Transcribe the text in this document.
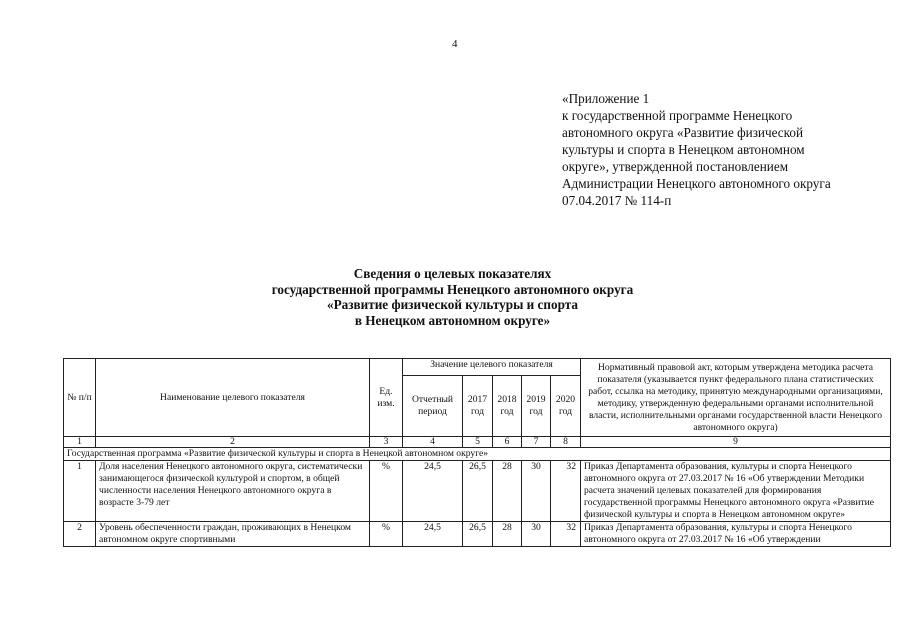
4
«Приложение 1
к государственной программе Ненецкого
автономного округа «Развитие физической
культуры и спорта в Ненецком автономном
округе», утвержденной постановлением
Администрации Ненецкого автономного округа
07.04.2017 № 114-п
Сведения о целевых показателях
государственной программы Ненецкого автономного округа
«Развитие физической культуры и спорта
в Ненецком автономном округе»
№ п/п	Наименование целевого показателя	Ед. изм.	Значение целевого показателя					Нормативный правовой акт, которым утверждена методика расчета показателя (указывается пункт федерального плана статистических работ, ссылка на методику, принятую международными организациями, методику, утвержденную федеральными органами исполнительной власти, исполнительными органами государственной власти Ненецкого автономного округа)
			Отчетный период	2017 год	2018 год	2019 год	2020 год	
1	2	3	4	5	6	7	8	9
Государственная программа «Развитие физической культуры и спорта в Ненецкой автономном округе»								
1	Доля населения Ненецкого автономного округа, систематически занимающегося физической культурой и спортом, в общей численности населения Ненецкого автономного округа в возрасте 3-79 лет	%	24,5	26,5	28	30	32	Приказ Департамента образования, культуры и спорта Ненецкого автономного округа от 27.03.2017 № 16 «Об утверждении Методики расчета значений целевых показателей для формирования государственной программы Ненецкого автономного округа «Развитие физической культуры и спорта в Ненецком автономном округе»
2	Уровень обеспеченности граждан, проживающих в Ненецком автономном округе спортивными	%	24,5	26,5	28	30	32	Приказ Департамента образования, культуры и спорта Ненецкого автономного округа от 27.03.2017 № 16 «Об утверждении
